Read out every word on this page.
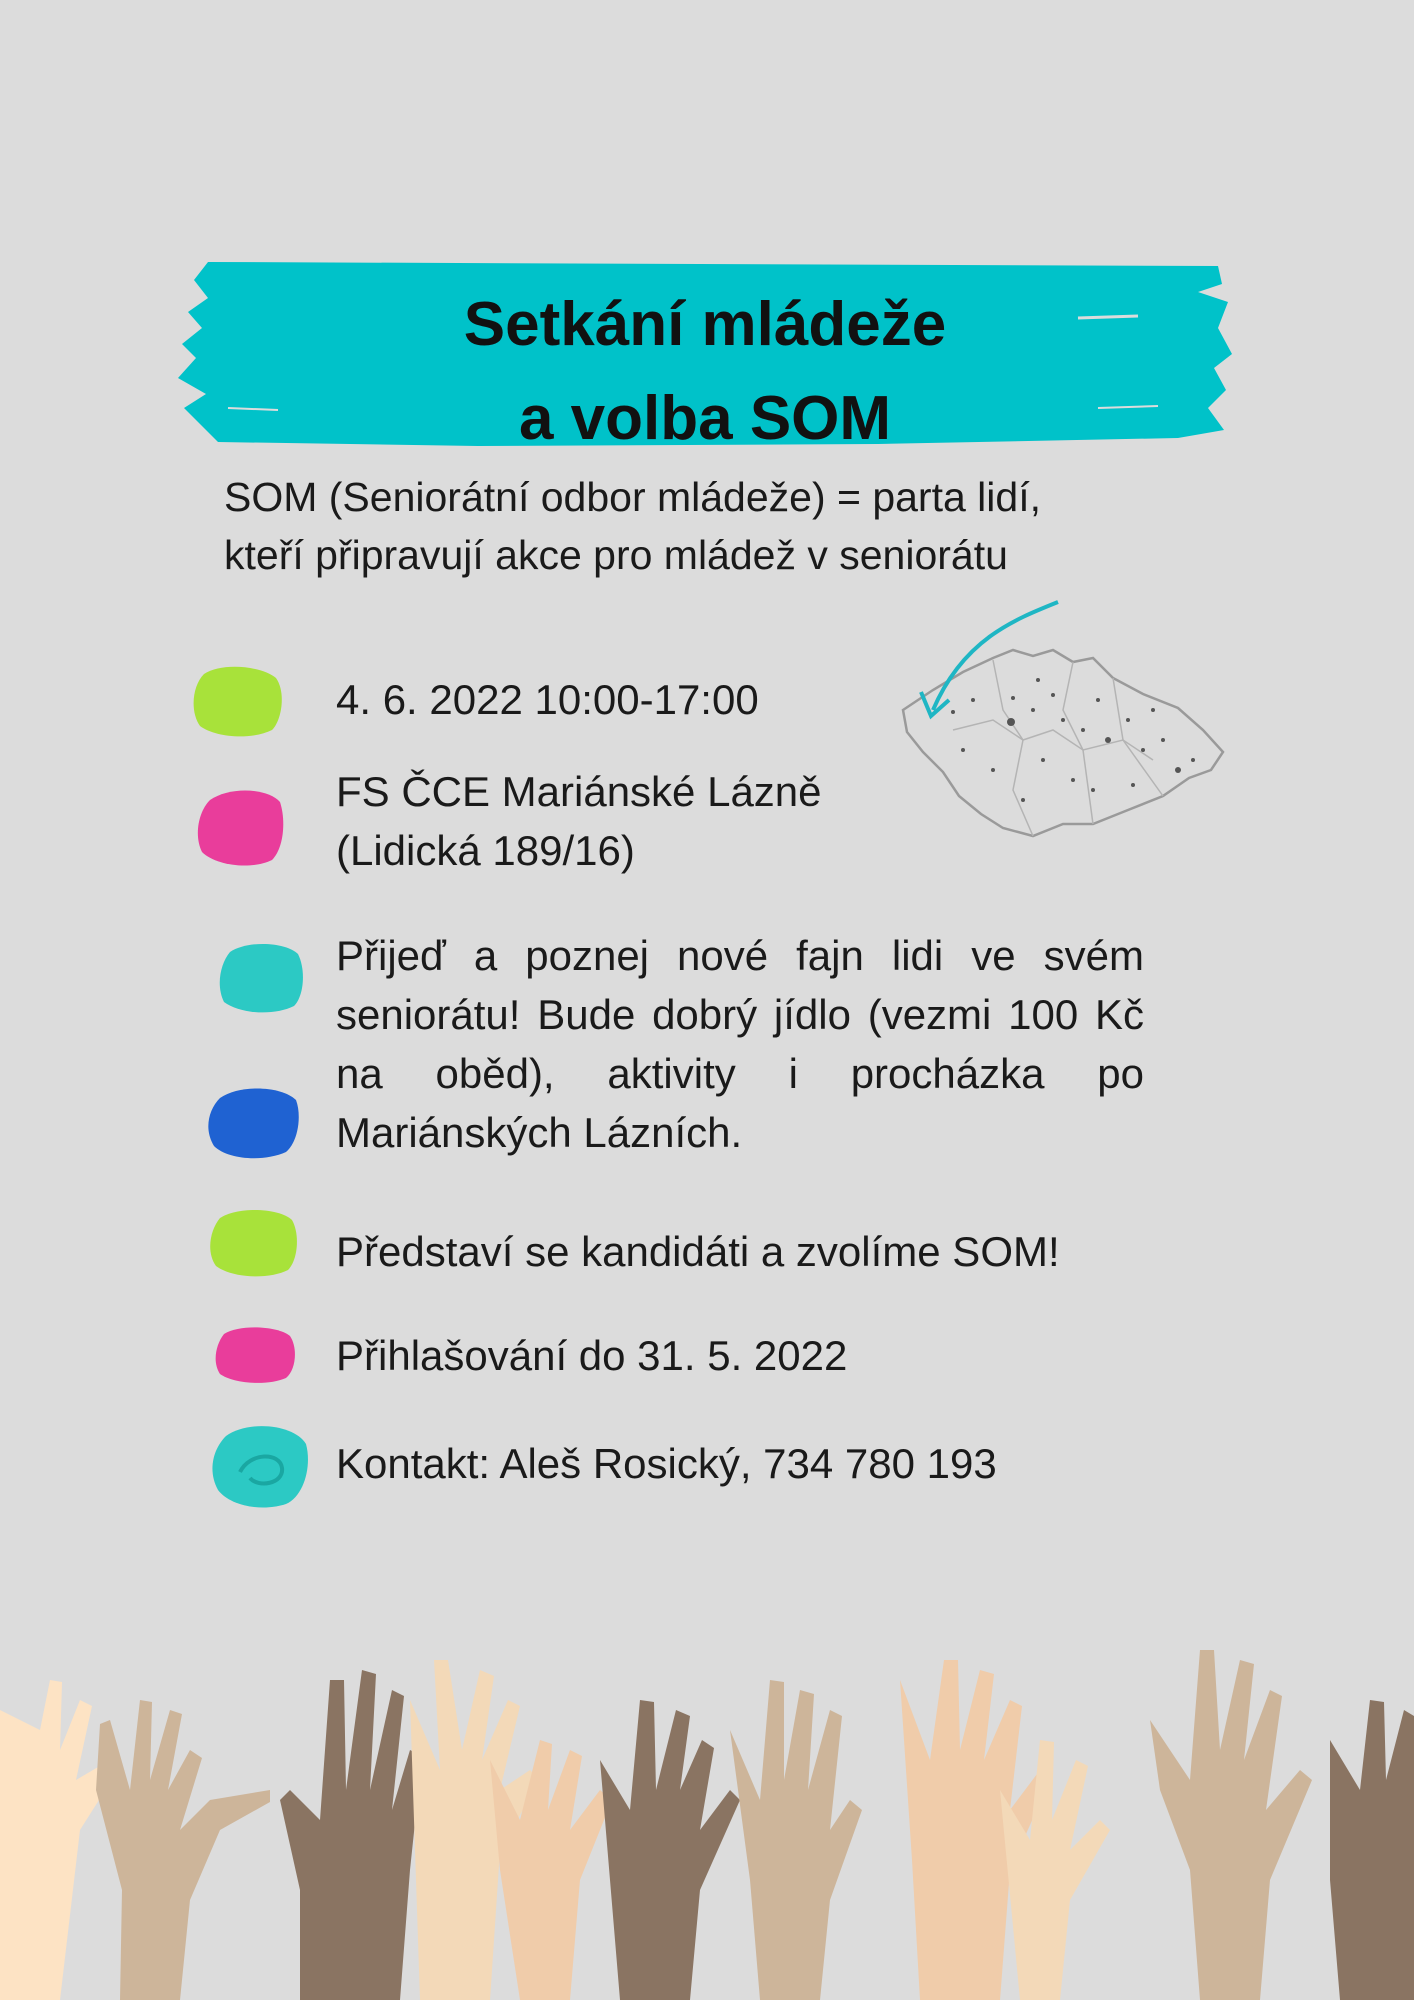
Setkání mládeže
a volba SOM
SOM (Seniorátní odbor mládeže) = parta lidí,
kteří připravují akce pro mládež v seniorátu
4. 6. 2022 10:00-17:00
FS ČCE Mariánské Lázně
(Lidická 189/16)
Přijeď a poznej nové fajn lidi ve svém seniorátu! Bude dobrý jídlo (vezmi 100 Kč na oběd), aktivity i procházka po Mariánských Lázních.
Představí se kandidáti a zvolíme SOM!
Přihlašování do 31. 5. 2022
Kontakt: Aleš Rosický, 734 780 193
